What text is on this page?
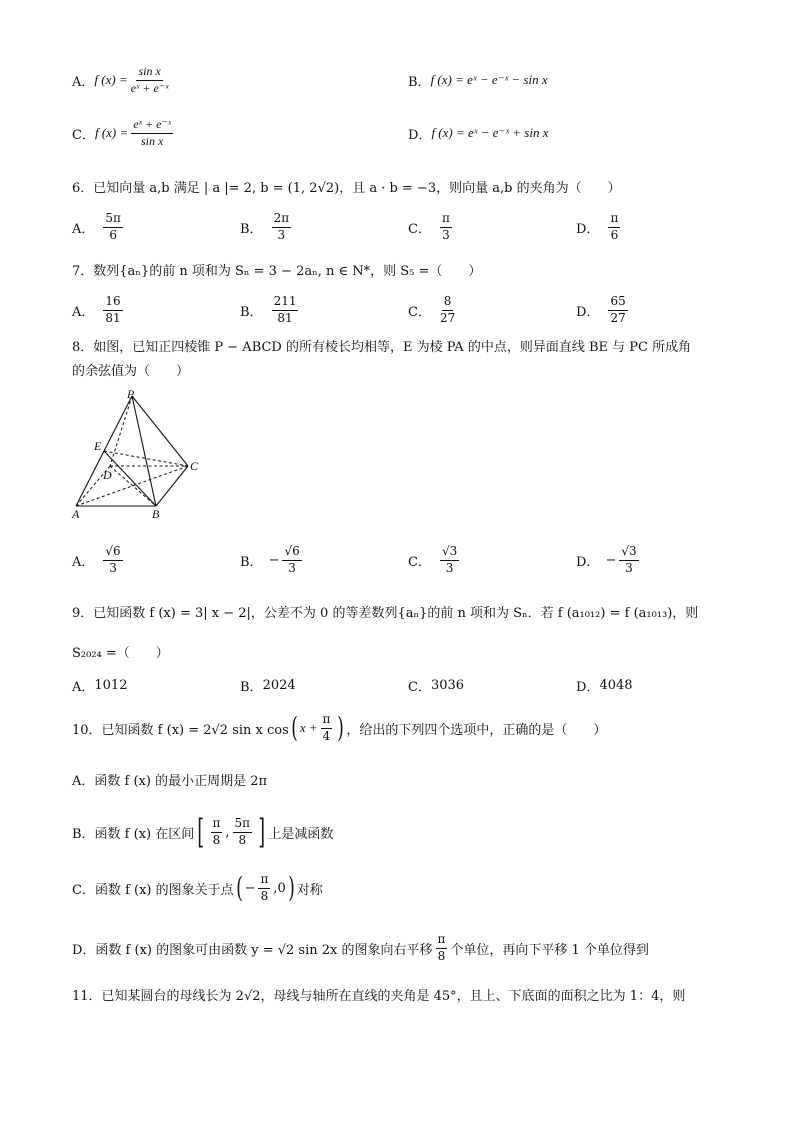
A． f $(x) = \frac{\text{sin x}}{\text{eˣ + e⁻ˣ}}$	B． f (x) = eˣ − e⁻ˣ − sin x
C． f $(x) = \frac{\text{eˣ + e⁻ˣ}}{\text{sin x}}$	D． f (x) = eˣ − e⁻ˣ + sin x
6．已知向量 a,b 满足 | a |= 2, b = (1, 2√2)，且 a · b = −3，则向量 a,b 的夹角为（　　）
A． $\frac{5\pi}{6}$	B． $\frac{2\pi}{3}$	C． $\frac{\pi}{3}$	D． $\frac{\pi}{6}$
7．数列{aₙ}的前 n 项和为 Sₙ = 3 − 2aₙ, n ∈ N*，则 S₅ =（　　）
A． $\frac{16}{81}$	B． $\frac{211}{81}$	C． $\frac{8}{27}$	D． $\frac{65}{27}$
8．如图，已知正四棱锥 P − ABCD 的所有棱长均相等，E 为棱 PA 的中点，则异面直线 BE 与 PC 所成角
的余弦值为（　　）
P
E
D
C
A	B
A． $\frac{√6}{3}$	B． − $\frac{√6}{3}$	C． $\frac{√3}{3}$	D． − $\frac{√3}{3}$
9．已知函数 f (x) = 3| x − 2|，公差不为 0 的等差数列{aₙ}的前 n 项和为 Sₙ．若 f (a₁₀₁₂) = f (a₁₀₁₃)，则
S₂₀₂₄ =（　　）
A． 1012	B． 2024	C． 3036	D． 4048
10．已知函数 f (x) = 2√2 sin x cos ( $x + \frac{\pi}{4}$ ) ，给出的下列四个选项中，正确的是（　　）
A．函数 f (x) 的最小正周期是 2π
B．函数 f (x) 在区间 [ $\frac{\pi}{8}$ , $\frac{5\pi}{8}$ ] 上是减函数
C．函数 f (x) 的图象关于点 ( − $\frac{\pi}{8} ,0$ ) 对称
D．函数 f (x) 的图象可由函数 y = √2 sin 2x 的图象向右平移 $\frac{\pi}{8}$ 个单位，再向下平移 1 个单位得到
11．已知某圆台的母线长为 2√2，母线与轴所在直线的夹角是 45°，且上、下底面的面积之比为 1：4，则
